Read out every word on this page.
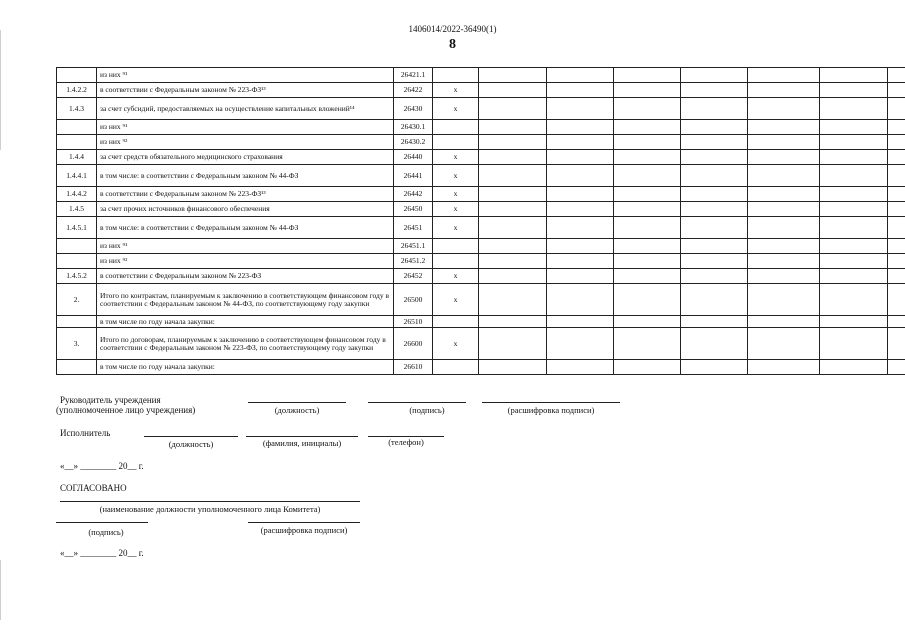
1406014/2022-36490(1)
8
	из них ⁹¹	26421.1									
1.4.2.2	в соответствии с Федеральным законом № 223-ФЗ¹³	26422	x								
1.4.3	за счет субсидий, предоставляемых на осуществление капитальных вложений¹⁴	26430	x								
	из них ⁹¹	26430.1									
	из них ⁹²	26430.2									
1.4.4	за счет средств обязательного медицинского страхования	26440	x								
1.4.4.1	в том числе: в соответствии с Федеральным законом № 44-ФЗ	26441	x								
1.4.4.2	в соответствии с Федеральным законом № 223-ФЗ¹³	26442	x								
1.4.5	за счет прочих источников финансового обеспечения	26450	x								
1.4.5.1	в том числе: в соответствии с Федеральным законом № 44-ФЗ	26451	x								
	из них ⁹¹	26451.1									
	из них ⁹²	26451.2									
1.4.5.2	в соответствии с Федеральным законом № 223-ФЗ	26452	x								
2.	Итого по контрактам, планируемым к заключению в соответствующем финансовом году в соответствии с Федеральным законом № 44-ФЗ, по соответствующему году закупки	26500	x								
	в том числе по году начала закупки:	26510									
3.	Итого по договорам, планируемым к заключению в соответствующем финансовом году в соответствии с Федеральным законом № 223-ФЗ, по соответствующему году закупки	26600	x								
	в том числе по году начала закупки:	26610									
Руководитель учреждения
(уполномоченное лицо учреждения)	(должность)	(подпись)	(расшифровка подписи)
Исполнитель
(должность)	(фамилия, инициалы)	(телефон)
«__» ________ 20__ г.
СОГЛАСОВАНО
(наименование должности уполномоченного лица Комитета)
(подпись)	(расшифровка подписи)
«__» ________ 20__ г.
